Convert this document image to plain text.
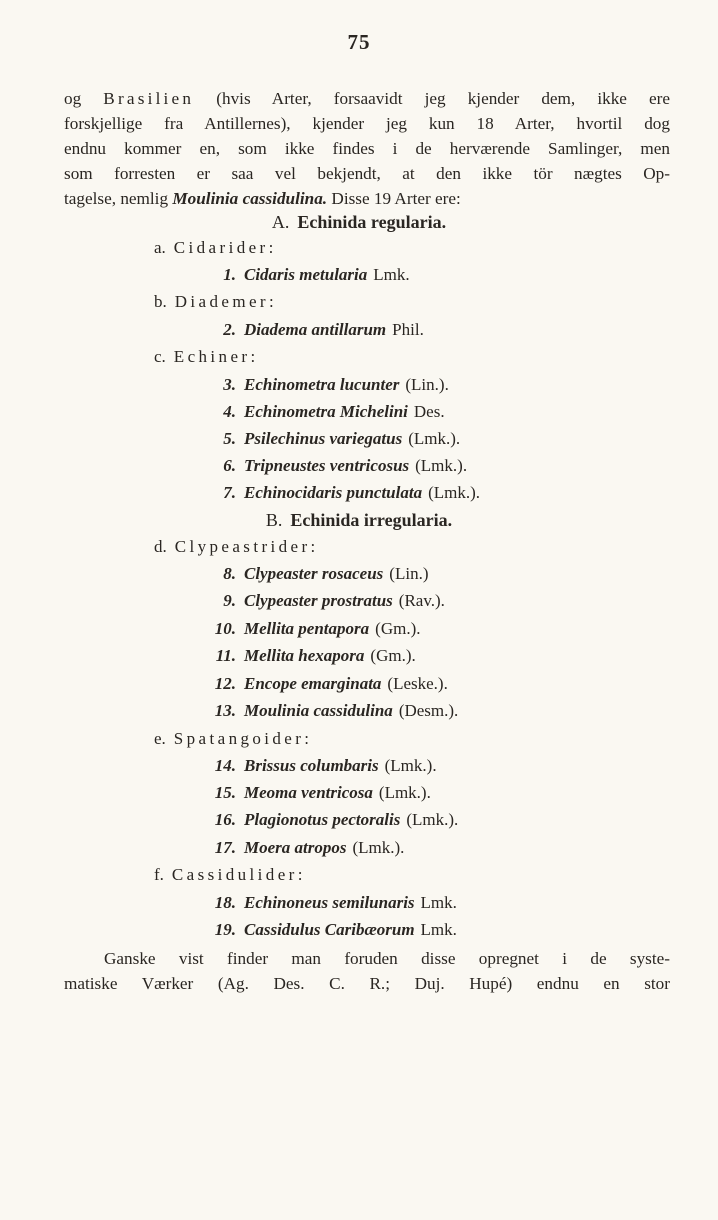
75
og Brasilien (hvis Arter, forsaavidt jeg kjender dem, ikke ere
forskjellige fra Antillernes), kjender jeg kun 18 Arter, hvortil dog
endnu kommer en, som ikke findes i de herværende Samlinger, men
som forresten er saa vel bekjendt, at den ikke tör nægtes Op-
tagelse, nemlig Moulinia cassidulina. Disse 19 Arter ere:
A. Echinida regularia.
a. Cidarider:
1. Cidaris metularia Lmk.
b. Diademer:
2. Diadema antillarum Phil.
c. Echiner:
3. Echinometra lucunter (Lin.).
4. Echinometra Michelini Des.
5. Psilechinus variegatus (Lmk.).
6. Tripneustes ventricosus (Lmk.).
7. Echinocidaris punctulata (Lmk.).
B. Echinida irregularia.
d. Clypeastrider:
8. Clypeaster rosaceus (Lin.)
9. Clypeaster prostratus (Rav.).
10. Mellita pentapora (Gm.).
11. Mellita hexapora (Gm.).
12. Encope emarginata (Leske.).
13. Moulinia cassidulina (Desm.).
e. Spatangoider:
14. Brissus columbaris (Lmk.).
15. Meoma ventricosa (Lmk.).
16. Plagionotus pectoralis (Lmk.).
17. Moera atropos (Lmk.).
f. Cassidulider:
18. Echinoneus semilunaris Lmk.
19. Cassidulus Caribæorum Lmk.
Ganske vist finder man foruden disse opregnet i de syste-
matiske Værker (Ag. Des. C. R.; Duj. Hupé) endnu en stor
